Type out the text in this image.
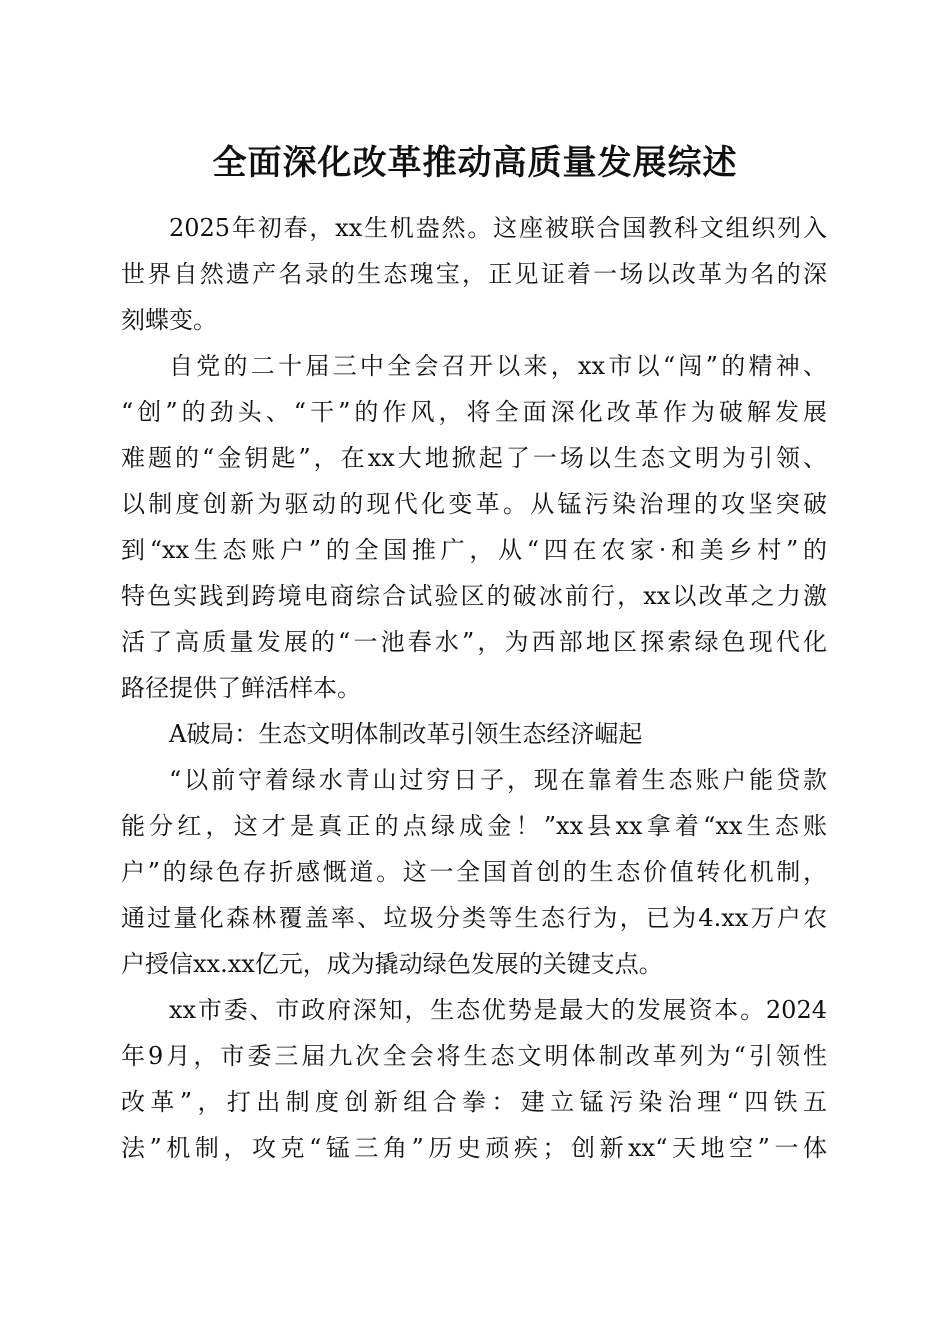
全面深化改革推动高质量发展综述
2025年初春，xx生机盎然。这座被联合国教科文组织列入
世界自然遗产名录的生态瑰宝，正见证着一场以改革为名的深
刻蝶变。
自党的二十届三中全会召开以来，xx市以“闯”的精神、
“创”的劲头、“干”的作风，将全面深化改革作为破解发展
难题的“金钥匙”，在xx大地掀起了一场以生态文明为引领、
以制度创新为驱动的现代化变革。从锰污染治理的攻坚突破
到“xx生态账户”的全国推广，从“四在农家·和美乡村”的
特色实践到跨境电商综合试验区的破冰前行，xx以改革之力激
活了高质量发展的“一池春水”，为西部地区探索绿色现代化
路径提供了鲜活样本。
A破局：生态文明体制改革引领生态经济崛起
“以前守着绿水青山过穷日子，现在靠着生态账户能贷款
能分红，这才是真正的点绿成金！”xx县xx拿着“xx生态账
户”的绿色存折感慨道。这一全国首创的生态价值转化机制，
通过量化森林覆盖率、垃圾分类等生态行为，已为4.xx万户农
户授信xx.xx亿元，成为撬动绿色发展的关键支点。
xx市委、市政府深知，生态优势是最大的发展资本。2024
年9月，市委三届九次全会将生态文明体制改革列为“引领性
改革”，打出制度创新组合拳：建立锰污染治理“四铁五
法”机制，攻克“锰三角”历史顽疾；创新xx“天地空”一体
